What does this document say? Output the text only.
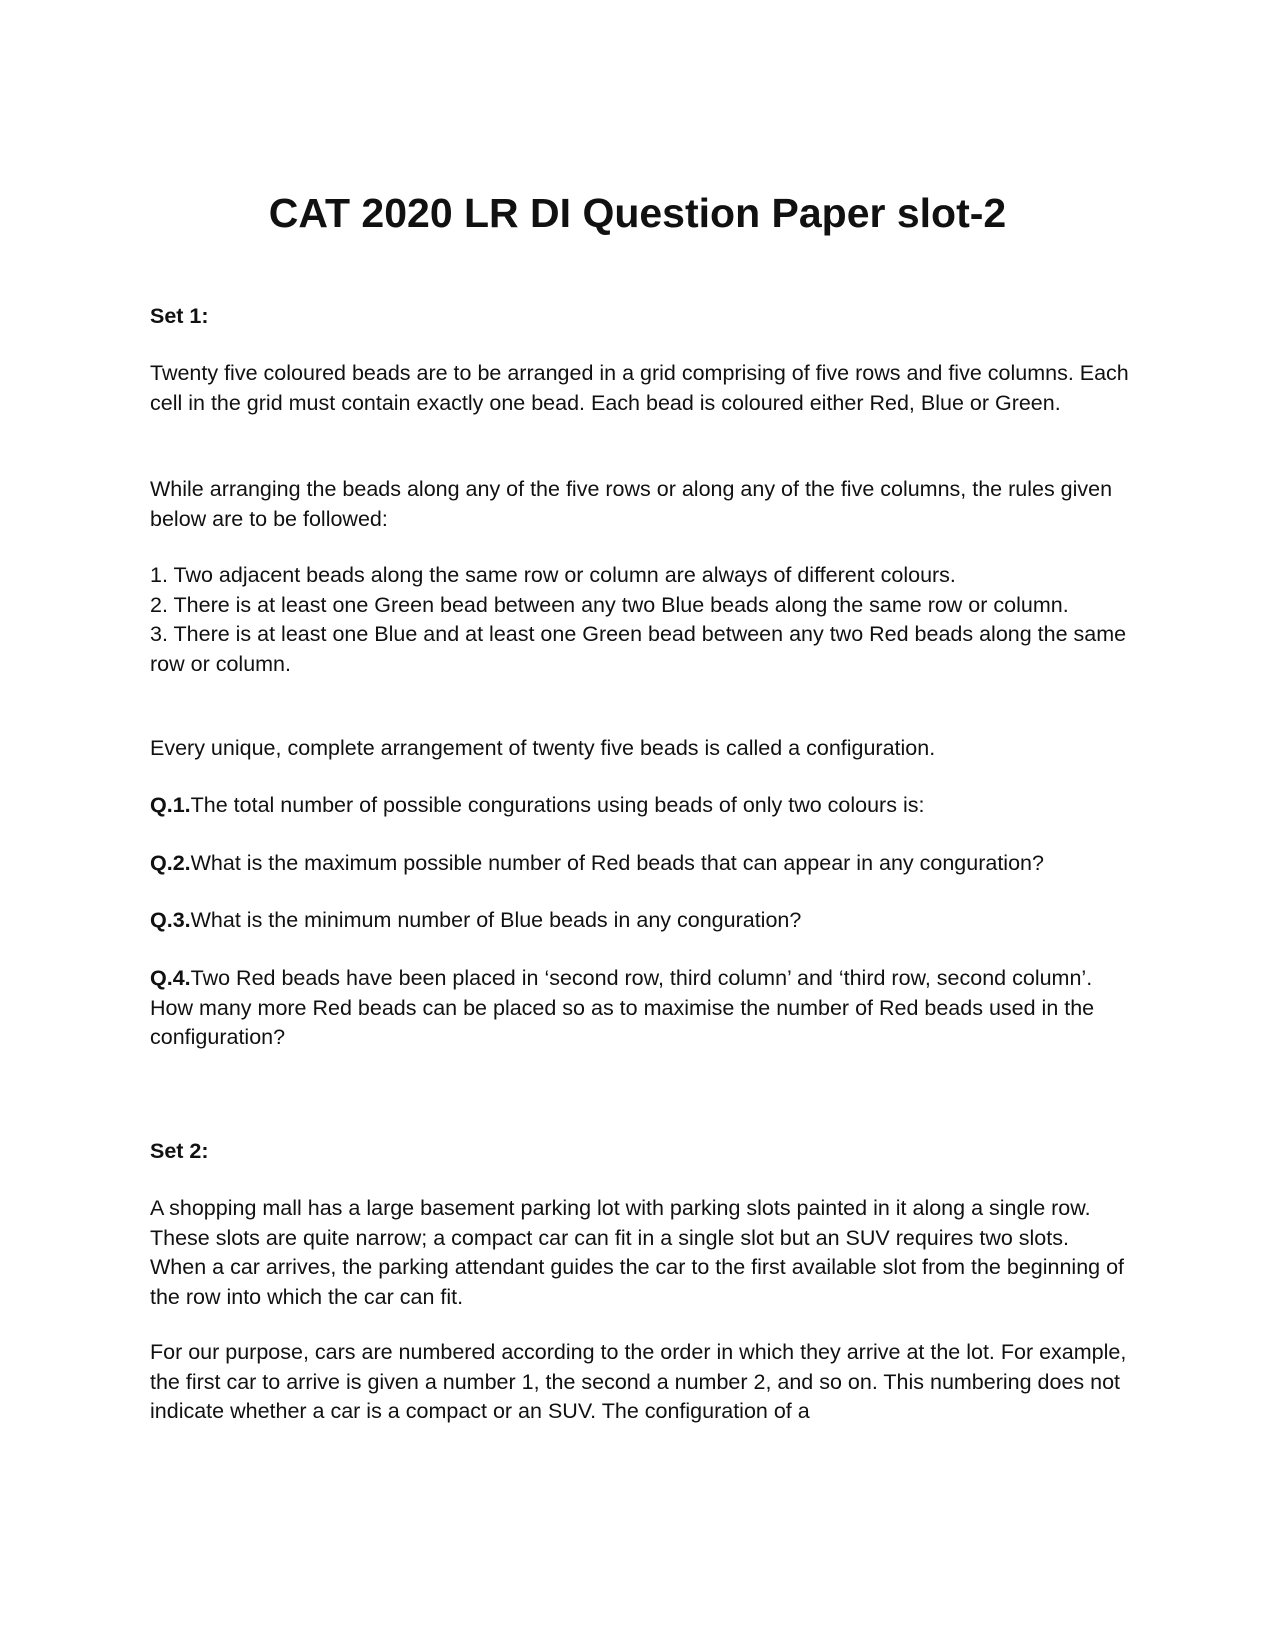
CAT 2020 LR DI Question Paper slot-2

Set 1:

Twenty five coloured beads are to be arranged in a grid comprising of five rows and five columns. Each cell in the grid must contain exactly one bead. Each bead is coloured either Red, Blue or Green.

While arranging the beads along any of the five rows or along any of the five columns, the rules given below are to be followed:

1. Two adjacent beads along the same row or column are always of different colours.
2. There is at least one Green bead between any two Blue beads along the same row or column.
3. There is at least one Blue and at least one Green bead between any two Red beads along the same row or column.

Every unique, complete arrangement of twenty five beads is called a configuration.

Q.1.The total number of possible congurations using beads of only two colours is:

Q.2.What is the maximum possible number of Red beads that can appear in any conguration?

Q.3.What is the minimum number of Blue beads in any conguration?

Q.4.Two Red beads have been placed in ‘second row, third column’ and ‘third row, second column’. How many more Red beads can be placed so as to maximise the number of Red beads used in the configuration?

Set 2:

A shopping mall has a large basement parking lot with parking slots painted in it along a single row. These slots are quite narrow; a compact car can fit in a single slot but an SUV requires two slots. When a car arrives, the parking attendant guides the car to the first available slot from the beginning of the row into which the car can fit.

For our purpose, cars are numbered according to the order in which they arrive at the lot. For example, the first car to arrive is given a number 1, the second a number 2, and so on. This numbering does not indicate whether a car is a compact or an SUV. The configuration of a
